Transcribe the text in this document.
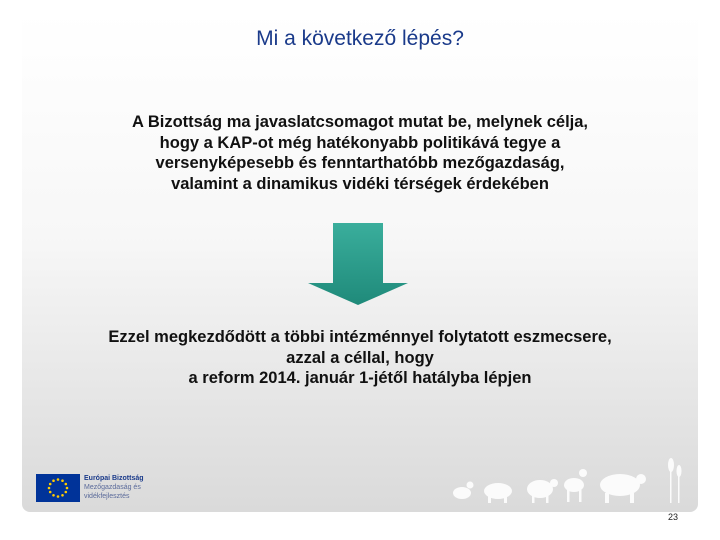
Mi a következő lépés?
A Bizottság ma javaslatcsomagot mutat be, melynek célja,
hogy a KAP-ot még hatékonyabb politikává tegye a
versenyképesebb és fenntarthatóbb mezőgazdaság,
valamint a dinamikus vidéki térségek érdekében
Ezzel megkezdődött a többi intézménnyel folytatott eszmecsere,
azzal a céllal, hogy
a reform 2014. január 1-jétől hatályba lépjen
Európai Bizottság
Mezőgazdaság és
vidékfejlesztés
23
